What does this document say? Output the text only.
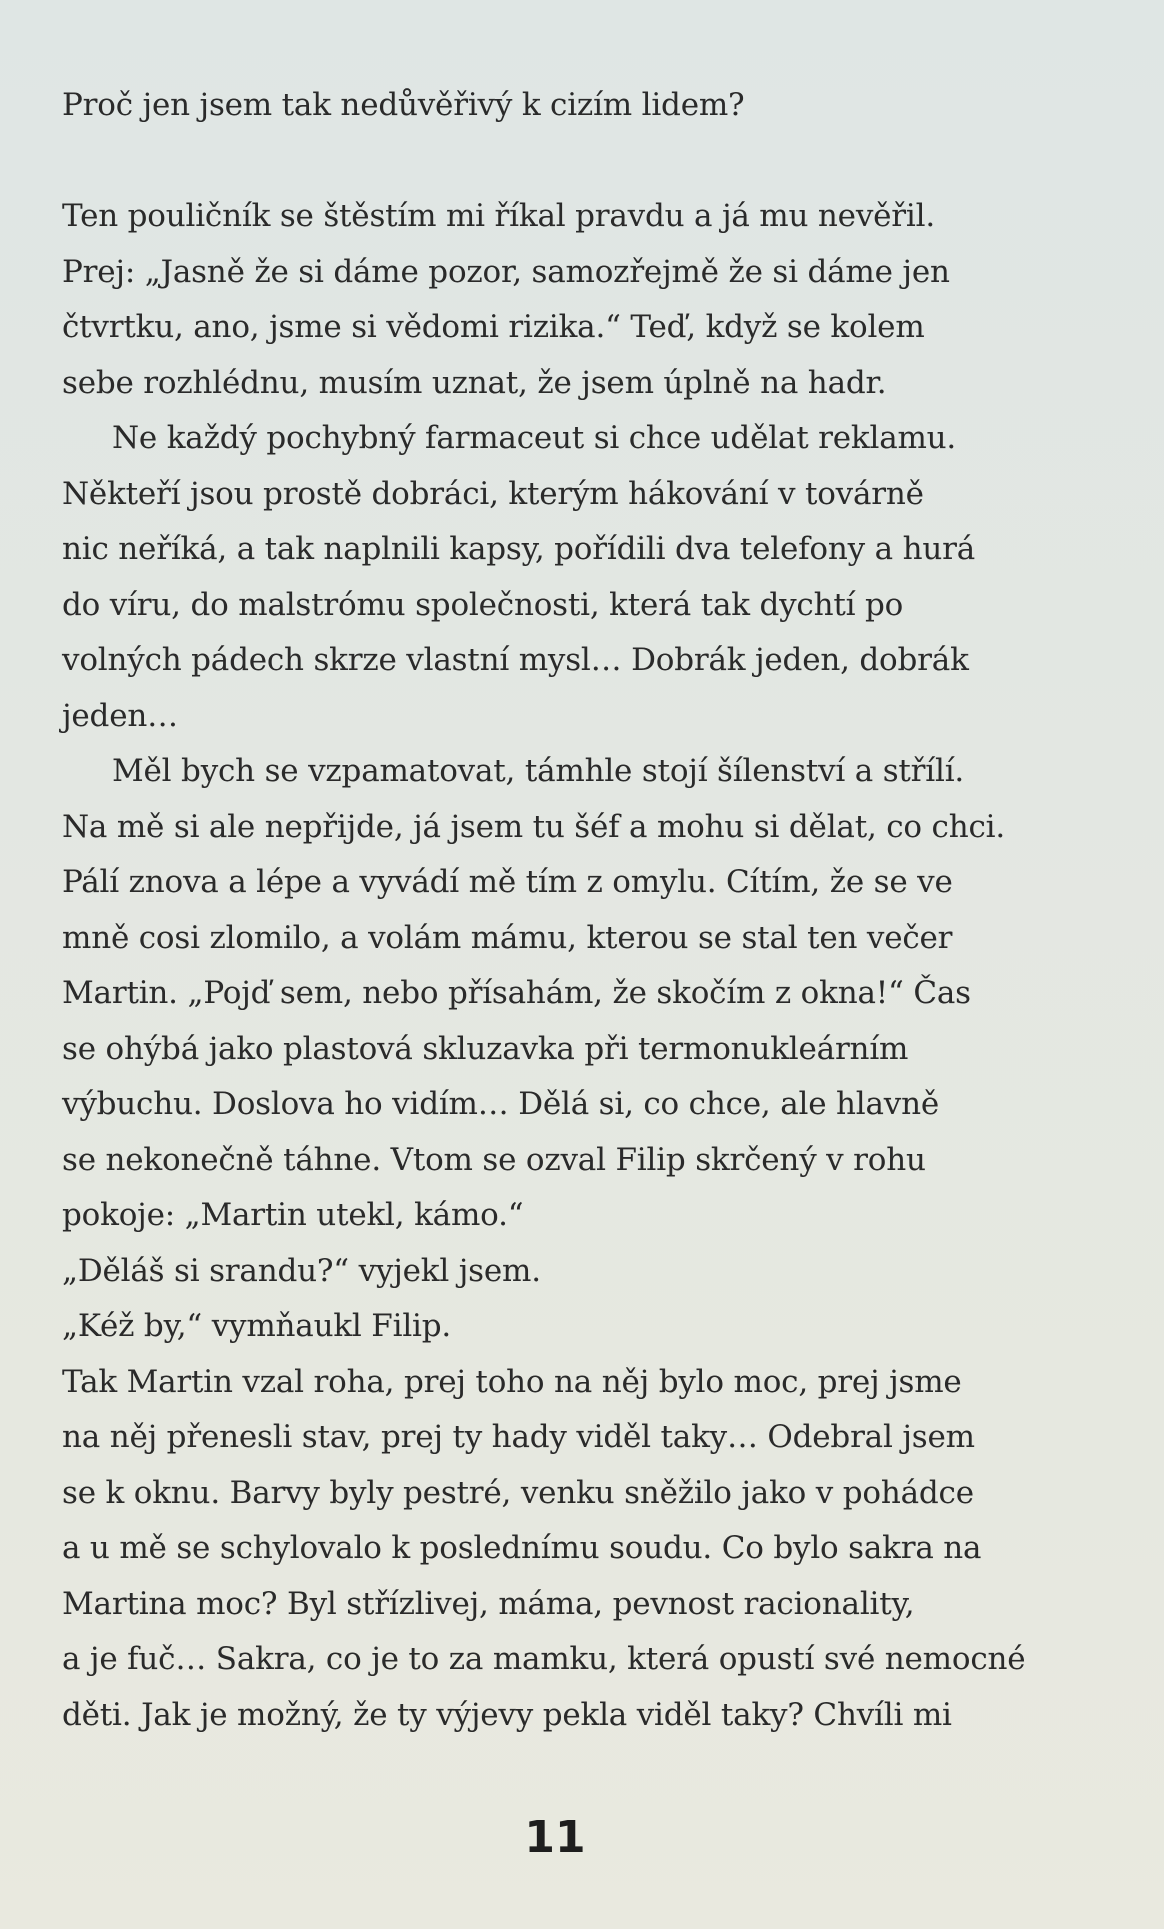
Proč jen jsem tak nedůvěřivý k cizím lidem?
Ten pouličník se štěstím mi říkal pravdu a já mu nevěřil.
Prej: „Jasně že si dáme pozor, samozřejmě že si dáme jen
čtvrtku, ano, jsme si vědomi rizika.“ Teď, když se kolem
sebe rozhlédnu, musím uznat, že jsem úplně na hadr.
Ne každý pochybný farmaceut si chce udělat reklamu.
Někteří jsou prostě dobráci, kterým hákování v továrně
nic neříká, a tak naplnili kapsy, pořídili dva telefony a hurá
do víru, do malstrómu společnosti, která tak dychtí po
volných pádech skrze vlastní mysl… Dobrák jeden, dobrák
jeden…
Měl bych se vzpamatovat, támhle stojí šílenství a střílí.
Na mě si ale nepřijde, já jsem tu šéf a mohu si dělat, co chci.
Pálí znova a lépe a vyvádí mě tím z omylu. Cítím, že se ve
mně cosi zlomilo, a volám mámu, kterou se stal ten večer
Martin. „Pojď sem, nebo přísahám, že skočím z okna!“ Čas
se ohýbá jako plastová skluzavka při termonukleárním
výbuchu. Doslova ho vidím… Dělá si, co chce, ale hlavně
se nekonečně táhne. Vtom se ozval Filip skrčený v rohu
pokoje: „Martin utekl, kámo.“
„Děláš si srandu?“ vyjekl jsem.
„Kéž by,“ vymňaukl Filip.
Tak Martin vzal roha, prej toho na něj bylo moc, prej jsme
na něj přenesli stav, prej ty hady viděl taky… Odebral jsem
se k oknu. Barvy byly pestré, venku sněžilo jako v pohádce
a u mě se schylovalo k poslednímu soudu. Co bylo sakra na
Martina moc? Byl střízlivej, máma, pevnost racionality,
a je fuč… Sakra, co je to za mamku, která opustí své nemocné
děti. Jak je možný, že ty výjevy pekla viděl taky? Chvíli mi
11
